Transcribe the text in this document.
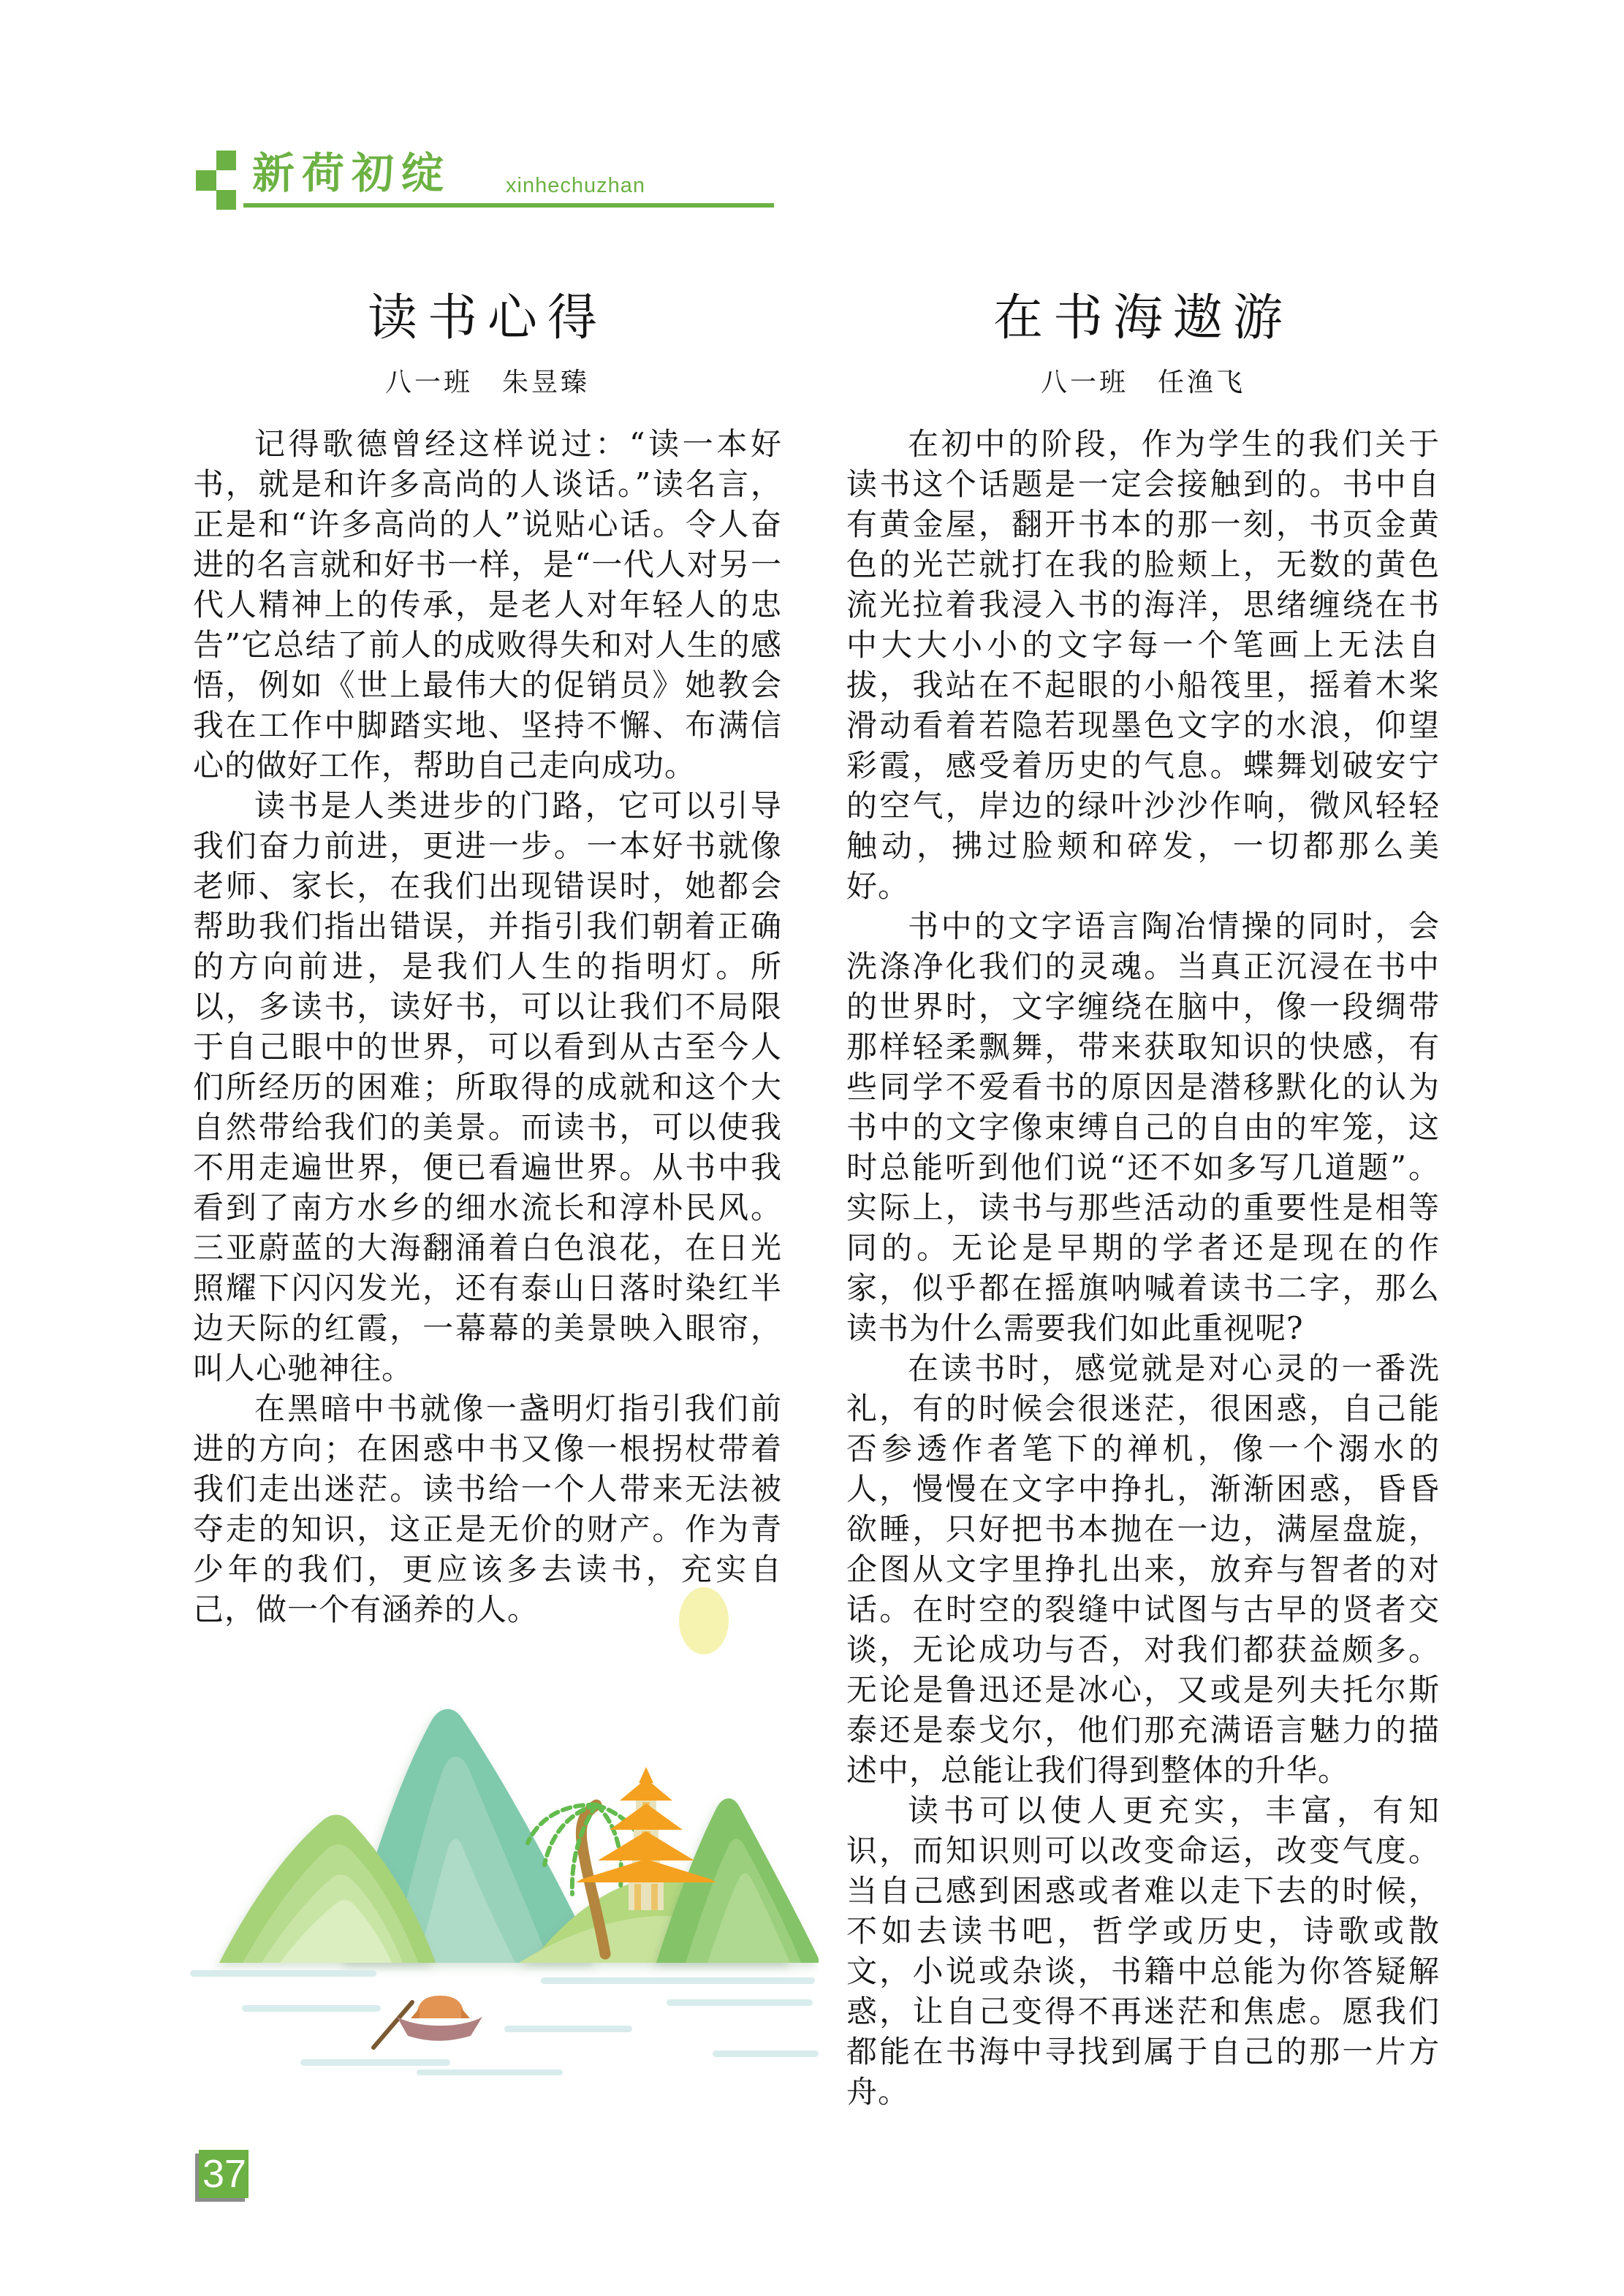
新荷初绽	xinhechuzhan
读书心得
八一班　朱昱臻

记得歌德曾经这样说过：“读一本好书，就是和许多高尚的人谈话。”读名言，正是和“许多高尚的人”说贴心话。令人奋进的名言就和好书一样，是“一代人对另一代人精神上的传承，是老人对年轻人的忠告”它总结了前人的成败得失和对人生的感悟，例如《世上最伟大的促销员》她教会我在工作中脚踏实地、坚持不懈、布满信心的做好工作，帮助自己走向成功。

读书是人类进步的门路，它可以引导我们奋力前进，更进一步。一本好书就像老师、家长，在我们出现错误时，她都会帮助我们指出错误，并指引我们朝着正确的方向前进，是我们人生的指明灯。所以，多读书，读好书，可以让我们不局限于自己眼中的世界，可以看到从古至今人们所经历的困难；所取得的成就和这个大自然带给我们的美景。而读书，可以使我不用走遍世界，便已看遍世界。从书中我看到了南方水乡的细水流长和淳朴民风。三亚蔚蓝的大海翻涌着白色浪花，在日光照耀下闪闪发光，还有泰山日落时染红半边天际的红霞，一幕幕的美景映入眼帘，叫人心驰神往。

在黑暗中书就像一盏明灯指引我们前进的方向；在困惑中书又像一根拐杖带着我们走出迷茫。读书给一个人带来无法被夺走的知识，这正是无价的财产。作为青少年的我们，更应该多去读书，充实自己，做一个有涵养的人。

在书海遨游
八一班　任渔飞

在初中的阶段，作为学生的我们关于读书这个话题是一定会接触到的。书中自有黄金屋，翻开书本的那一刻，书页金黄色的光芒就打在我的脸颊上，无数的黄色流光拉着我浸入书的海洋，思绪缠绕在书中大大小小的文字每一个笔画上无法自拔，我站在不起眼的小船筏里，摇着木桨滑动看着若隐若现墨色文字的水浪，仰望彩霞，感受着历史的气息。蝶舞划破安宁的空气，岸边的绿叶沙沙作响，微风轻轻触动，拂过脸颊和碎发，一切都那么美好。

书中的文字语言陶冶情操的同时，会洗涤净化我们的灵魂。当真正沉浸在书中的世界时，文字缠绕在脑中，像一段绸带那样轻柔飘舞，带来获取知识的快感，有些同学不爱看书的原因是潜移默化的认为书中的文字像束缚自己的自由的牢笼，这时总能听到他们说“还不如多写几道题”。实际上，读书与那些活动的重要性是相等同的。无论是早期的学者还是现在的作家，似乎都在摇旗呐喊着读书二字，那么读书为什么需要我们如此重视呢?

在读书时，感觉就是对心灵的一番洗礼，有的时候会很迷茫，很困惑，自己能否参透作者笔下的禅机，像一个溺水的人，慢慢在文字中挣扎，渐渐困惑，昏昏欲睡，只好把书本抛在一边，满屋盘旋，企图从文字里挣扎出来，放弃与智者的对话。在时空的裂缝中试图与古早的贤者交谈，无论成功与否，对我们都获益颇多。无论是鲁迅还是冰心，又或是列夫托尔斯泰还是泰戈尔，他们那充满语言魅力的描述中，总能让我们得到整体的升华。

读书可以使人更充实，丰富，有知识，而知识则可以改变命运，改变气度。当自己感到困惑或者难以走下去的时候，不如去读书吧，哲学或历史，诗歌或散文，小说或杂谈，书籍中总能为你答疑解惑，让自己变得不再迷茫和焦虑。愿我们都能在书海中寻找到属于自己的那一片方舟。

37
